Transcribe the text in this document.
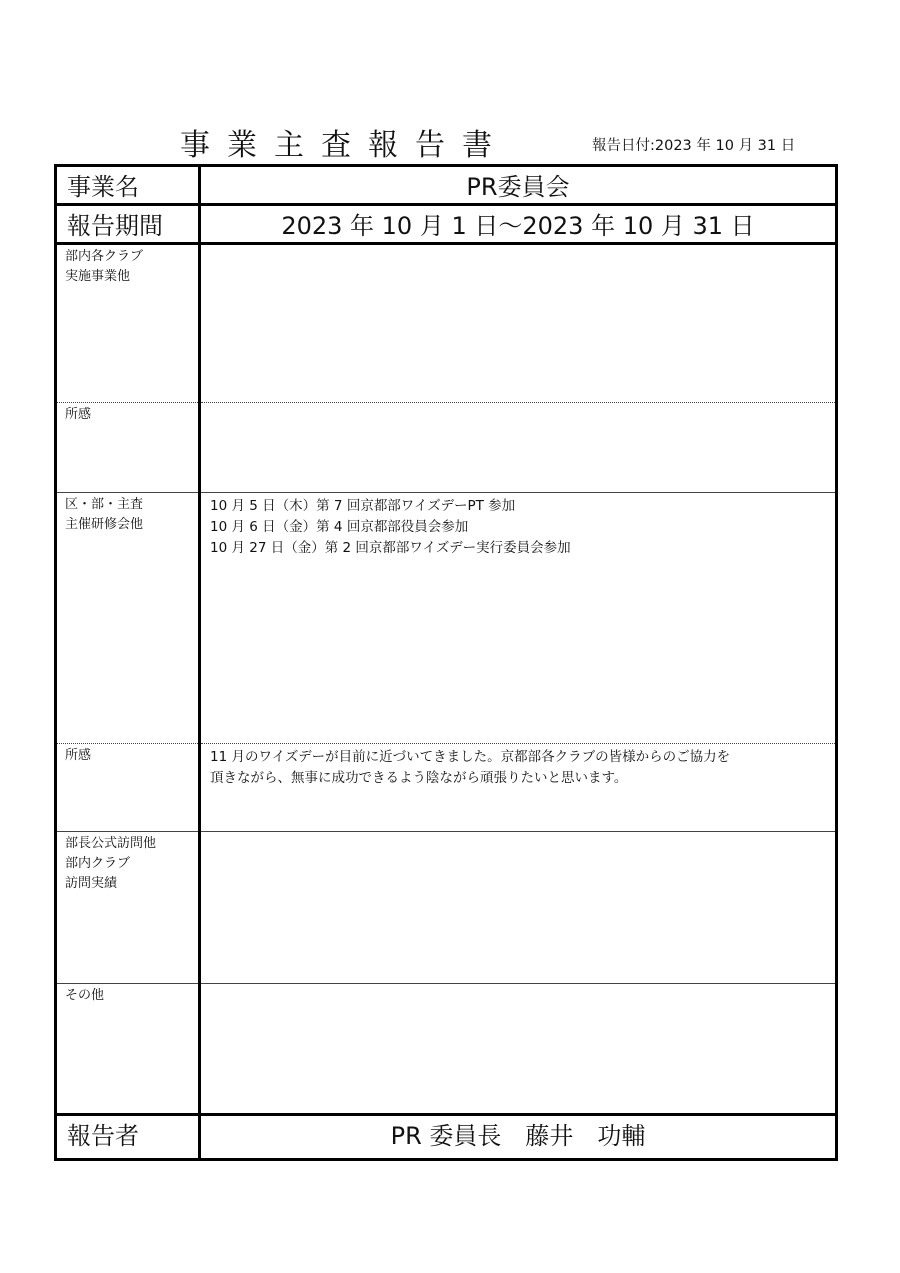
事業主査報告書	報告日付:2023 年 10 月 31 日
事業名	PR委員会
報告期間	2023 年 10 月 1 日～2023 年 10 月 31 日

部内各クラブ
実施事業他	

所感	

区・部・主査
主催研修会他	10 月 5 日（木）第 7 回京都部ワイズデーPT 参加
10 月 6 日（金）第 4 回京都部役員会参加
10 月 27 日（金）第 2 回京都部ワイズデー実行委員会参加

所感	11 月のワイズデーが目前に近づいてきました。京都部各クラブの皆様からのご協力を
頂きながら、無事に成功できるよう陰ながら頑張りたいと思います。

部長公式訪問他
部内クラブ
訪問実績	

その他	

報告者	PR 委員長　藤井　功輔
